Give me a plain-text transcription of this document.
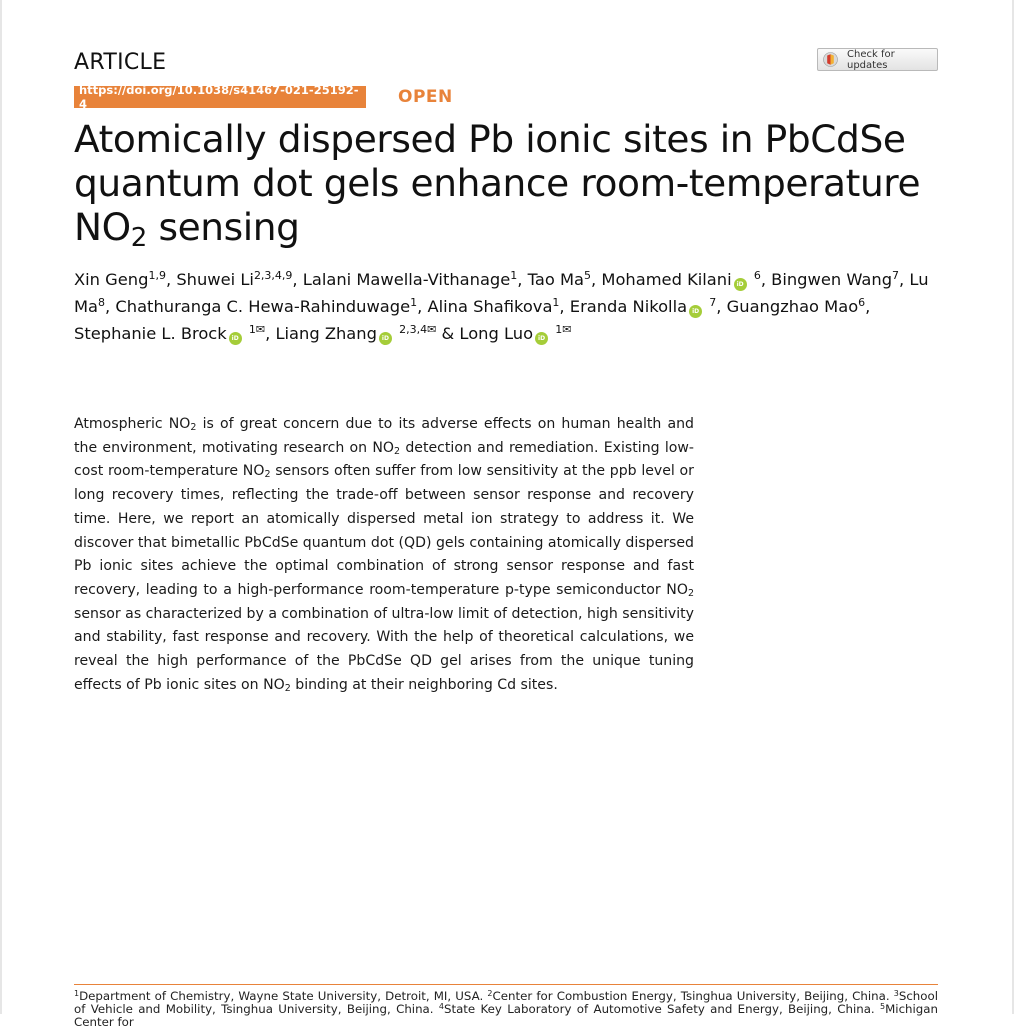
ARTICLE	Check for updates
https://doi.org/10.1038/s41467-021-25192-4	OPEN
Atomically dispersed Pb ionic sites in PbCdSe quantum dot gels enhance room-temperature $NO_2$ sensing
Xin Geng$^{1,9}$, Shuwei Li$^{2,3,4,9}$, Lalani Mawella-Vithanage$^1$, Tao Ma$^5$, Mohamed Kilani iD $^6$, Bingwen Wang$^7$, Lu Ma$^8$, Chathuranga C. Hewa-Rahinduwage$^1$, Alina Shafikova$^1$, Eranda Nikolla iD $^7$, Guangzhao Mao$^6$, Stephanie L. Brock iD $^{1✉}$, Liang Zhang iD $^{2,3,4✉}$ & Long Luo iD $^{1✉}$
Atmospheric $NO_2$ is of great concern due to its adverse effects on human health and the environment, motivating research on $NO_2$ detection and remediation. Existing low-cost room-temperature $NO_2$ sensors often suffer from low sensitivity at the ppb level or long recovery times, reflecting the trade-off between sensor response and recovery time. Here, we report an atomically dispersed metal ion strategy to address it. We discover that bimetallic PbCdSe quantum dot (QD) gels containing atomically dispersed Pb ionic sites achieve the optimal combination of strong sensor response and fast recovery, leading to a high-performance room-temperature p-type semiconductor $NO_2$ sensor as characterized by a combination of ultra-low limit of detection, high sensitivity and stability, fast response and recovery. With the help of theoretical calculations, we reveal the high performance of the PbCdSe QD gel arises from the unique tuning effects of Pb ionic sites on $NO_2$ binding at their neighboring Cd sites.
$^1$Department of Chemistry, Wayne State University, Detroit, MI, USA. $^2$Center for Combustion Energy, Tsinghua University, Beijing, China. $^3$School of Vehicle and Mobility, Tsinghua University, Beijing, China. $^4$State Key Laboratory of Automotive Safety and Energy, Beijing, China. $^5$Michigan Center for
